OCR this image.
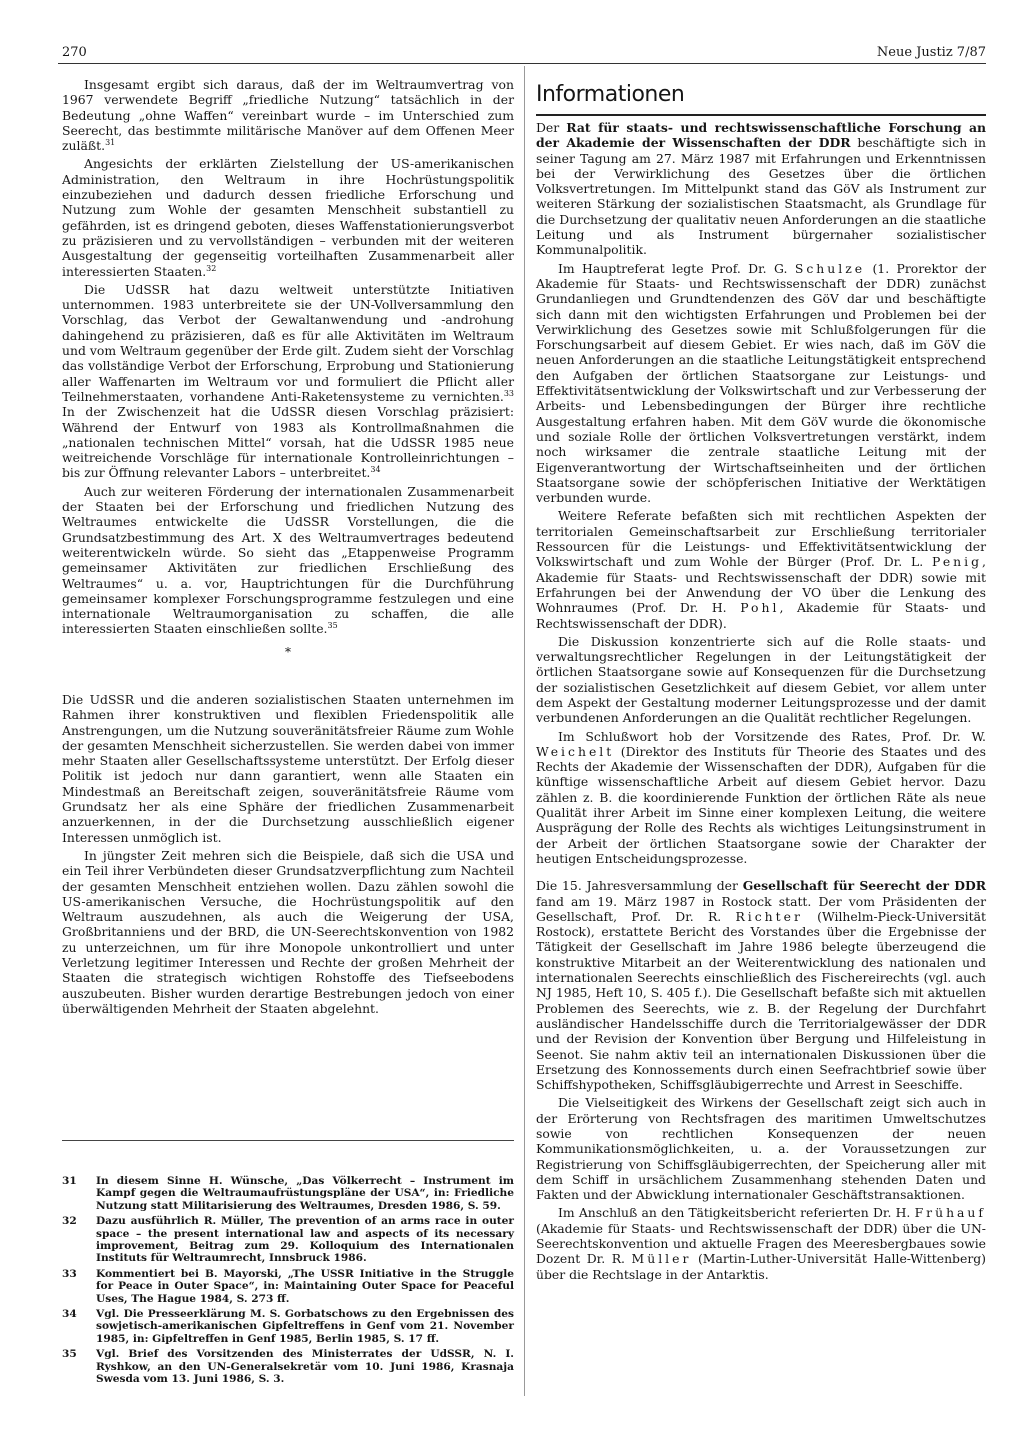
270	Neue Justiz 7/87

Insgesamt ergibt sich daraus, daß der im Weltraumvertrag von 1967 verwendete Begriff „friedliche Nutzung“ tatsächlich in der Bedeutung „ohne Waffen“ vereinbart wurde – im Unterschied zum Seerecht, das bestimmte militärische Manöver auf dem Offenen Meer zuläßt.$^{31}$

Angesichts der erklärten Zielstellung der US-amerikanischen Administration, den Weltraum in ihre Hochrüstungspolitik einzubeziehen und dadurch dessen friedliche Erforschung und Nutzung zum Wohle der gesamten Menschheit substantiell zu gefährden, ist es dringend geboten, dieses Waffenstationierungsverbot zu präzisieren und zu vervollständigen – verbunden mit der weiteren Ausgestaltung der gegenseitig vorteilhaften Zusammenarbeit aller interessierten Staaten.$^{32}$

Die UdSSR hat dazu weltweit unterstützte Initiativen unternommen. 1983 unterbreitete sie der UN-Vollversammlung den Vorschlag, das Verbot der Gewaltanwendung und -androhung dahingehend zu präzisieren, daß es für alle Aktivitäten im Weltraum und vom Weltraum gegenüber der Erde gilt. Zudem sieht der Vorschlag das vollständige Verbot der Erforschung, Erprobung und Stationierung aller Waffenarten im Weltraum vor und formuliert die Pflicht aller Teilnehmerstaaten, vorhandene Anti-Raketensysteme zu vernichten.$^{33}$ In der Zwischenzeit hat die UdSSR diesen Vorschlag präzisiert: Während der Entwurf von 1983 als Kontrollmaßnahmen die „nationalen technischen Mittel“ vorsah, hat die UdSSR 1985 neue weitreichende Vorschläge für internationale Kontrolleinrichtungen – bis zur Öffnung relevanter Labors – unterbreitet.$^{34}$

Auch zur weiteren Förderung der internationalen Zusammenarbeit der Staaten bei der Erforschung und friedlichen Nutzung des Weltraumes entwickelte die UdSSR Vorstellungen, die die Grundsatzbestimmung des Art. X des Weltraumvertrages bedeutend weiterentwickeln würde. So sieht das „Etappenweise Programm gemeinsamer Aktivitäten zur friedlichen Erschließung des Weltraumes“ u. a. vor, Hauptrichtungen für die Durchführung gemeinsamer komplexer Forschungsprogramme festzulegen und eine internationale Weltraumorganisation zu schaffen, die alle interessierten Staaten einschließen sollte.$^{35}$

*

Die UdSSR und die anderen sozialistischen Staaten unternehmen im Rahmen ihrer konstruktiven und flexiblen Friedenspolitik alle Anstrengungen, um die Nutzung souveränitätsfreier Räume zum Wohle der gesamten Menschheit sicherzustellen. Sie werden dabei von immer mehr Staaten aller Gesellschaftssysteme unterstützt. Der Erfolg dieser Politik ist jedoch nur dann garantiert, wenn alle Staaten ein Mindestmaß an Bereitschaft zeigen, souveränitätsfreie Räume vom Grundsatz her als eine Sphäre der friedlichen Zusammenarbeit anzuerkennen, in der die Durchsetzung ausschließlich eigener Interessen unmöglich ist.

In jüngster Zeit mehren sich die Beispiele, daß sich die USA und ein Teil ihrer Verbündeten dieser Grundsatzverpflichtung zum Nachteil der gesamten Menschheit entziehen wollen. Dazu zählen sowohl die US-amerikanischen Versuche, die Hochrüstungspolitik auf den Weltraum auszudehnen, als auch die Weigerung der USA, Großbritanniens und der BRD, die UN-Seerechtskonvention von 1982 zu unterzeichnen, um für ihre Monopole unkontrolliert und unter Verletzung legitimer Interessen und Rechte der großen Mehrheit der Staaten die strategisch wichtigen Rohstoffe des Tiefseebodens auszubeuten. Bisher wurden derartige Bestrebungen jedoch von einer überwältigenden Mehrheit der Staaten abgelehnt.

31 In diesem Sinne H. Wünsche, „Das Völkerrecht – Instrument im Kampf gegen die Weltraumaufrüstungspläne der USA“, in: Friedliche Nutzung statt Militarisierung des Weltraumes, Dresden 1986, S. 59.
32 Dazu ausführlich R. Müller, The prevention of an arms race in outer space – the present international law and aspects of its necessary improvement, Beitrag zum 29. Kolloquium des Internationalen Instituts für Weltraumrecht, Innsbruck 1986.
33 Kommentiert bei B. Mayorski, „The USSR Initiative in the Struggle for Peace in Outer Space“, in: Maintaining Outer Space for Peaceful Uses, The Hague 1984, S. 273 ff.
34 Vgl. Die Presseerklärung M. S. Gorbatschows zu den Ergebnissen des sowjetisch-amerikanischen Gipfeltreffens in Genf vom 21. November 1985, in: Gipfeltreffen in Genf 1985, Berlin 1985, S. 17 ff.
35 Vgl. Brief des Vorsitzenden des Ministerrates der UdSSR, N. I. Ryshkow, an den UN-Generalsekretär vom 10. Juni 1986, Krasnaja Swesda vom 13. Juni 1986, S. 3.
Informationen

Der Rat für staats- und rechtswissenschaftliche Forschung an der Akademie der Wissenschaften der DDR beschäftigte sich in seiner Tagung am 27. März 1987 mit Erfahrungen und Erkenntnissen bei der Verwirklichung des Gesetzes über die örtlichen Volksvertretungen. Im Mittelpunkt stand das GöV als Instrument zur weiteren Stärkung der sozialistischen Staatsmacht, als Grundlage für die Durchsetzung der qualitativ neuen Anforderungen an die staatliche Leitung und als Instrument bürgernaher sozialistischer Kommunalpolitik.

Im Hauptreferat legte Prof. Dr. G. Schulze (1. Prorektor der Akademie für Staats- und Rechtswissenschaft der DDR) zunächst Grundanliegen und Grundtendenzen des GöV dar und beschäftigte sich dann mit den wichtigsten Erfahrungen und Problemen bei der Verwirklichung des Gesetzes sowie mit Schlußfolgerungen für die Forschungsarbeit auf diesem Gebiet. Er wies nach, daß im GöV die neuen Anforderungen an die staatliche Leitungstätigkeit entsprechend den Aufgaben der örtlichen Staatsorgane zur Leistungs- und Effektivitätsentwicklung der Volkswirtschaft und zur Verbesserung der Arbeits- und Lebensbedingungen der Bürger ihre rechtliche Ausgestaltung erfahren haben. Mit dem GöV wurde die ökonomische und soziale Rolle der örtlichen Volksvertretungen verstärkt, indem noch wirksamer die zentrale staatliche Leitung mit der Eigenverantwortung der Wirtschaftseinheiten und der örtlichen Staatsorgane sowie der schöpferischen Initiative der Werktätigen verbunden wurde.

Weitere Referate befaßten sich mit rechtlichen Aspekten der territorialen Gemeinschaftsarbeit zur Erschließung territorialer Ressourcen für die Leistungs- und Effektivitätsentwicklung der Volkswirtschaft und zum Wohle der Bürger (Prof. Dr. L. Penig, Akademie für Staats- und Rechtswissenschaft der DDR) sowie mit Erfahrungen bei der Anwendung der VO über die Lenkung des Wohnraumes (Prof. Dr. H. Pohl, Akademie für Staats- und Rechtswissenschaft der DDR).

Die Diskussion konzentrierte sich auf die Rolle staats- und verwaltungsrechtlicher Regelungen in der Leitungstätigkeit der örtlichen Staatsorgane sowie auf Konsequenzen für die Durchsetzung der sozialistischen Gesetzlichkeit auf diesem Gebiet, vor allem unter dem Aspekt der Gestaltung moderner Leitungsprozesse und der damit verbundenen Anforderungen an die Qualität rechtlicher Regelungen.

Im Schlußwort hob der Vorsitzende des Rates, Prof. Dr. W. Weichelt (Direktor des Instituts für Theorie des Staates und des Rechts der Akademie der Wissenschaften der DDR), Aufgaben für die künftige wissenschaftliche Arbeit auf diesem Gebiet hervor. Dazu zählen z. B. die koordinierende Funktion der örtlichen Räte als neue Qualität ihrer Arbeit im Sinne einer komplexen Leitung, die weitere Ausprägung der Rolle des Rechts als wichtiges Leitungsinstrument in der Arbeit der örtlichen Staatsorgane sowie der Charakter der heutigen Entscheidungsprozesse.

Die 15. Jahresversammlung der Gesellschaft für Seerecht der DDR fand am 19. März 1987 in Rostock statt. Der vom Präsidenten der Gesellschaft, Prof. Dr. R. Richter (Wilhelm-Pieck-Universität Rostock), erstattete Bericht des Vorstandes über die Ergebnisse der Tätigkeit der Gesellschaft im Jahre 1986 belegte überzeugend die konstruktive Mitarbeit an der Weiterentwicklung des nationalen und internationalen Seerechts einschließlich des Fischereirechts (vgl. auch NJ 1985, Heft 10, S. 405 f.). Die Gesellschaft befaßte sich mit aktuellen Problemen des Seerechts, wie z. B. der Regelung der Durchfahrt ausländischer Handelsschiffe durch die Territorialgewässer der DDR und der Revision der Konvention über Bergung und Hilfeleistung in Seenot. Sie nahm aktiv teil an internationalen Diskussionen über die Ersetzung des Konnossements durch einen Seefrachtbrief sowie über Schiffshypotheken, Schiffsgläubigerrechte und Arrest in Seeschiffe.

Die Vielseitigkeit des Wirkens der Gesellschaft zeigt sich auch in der Erörterung von Rechtsfragen des maritimen Umweltschutzes sowie von rechtlichen Konsequenzen der neuen Kommunikationsmöglichkeiten, u. a. der Voraussetzungen zur Registrierung von Schiffsgläubigerrechten, der Speicherung aller mit dem Schiff in ursächlichem Zusammenhang stehenden Daten und Fakten und der Abwicklung internationaler Geschäftstransaktionen.

Im Anschluß an den Tätigkeitsbericht referierten Dr. H. Frühauf (Akademie für Staats- und Rechtswissenschaft der DDR) über die UN-Seerechtskonvention und aktuelle Fragen des Meeresbergbaues sowie Dozent Dr. R. Müller (Martin-Luther-Universität Halle-Wittenberg) über die Rechtslage in der Antarktis.
